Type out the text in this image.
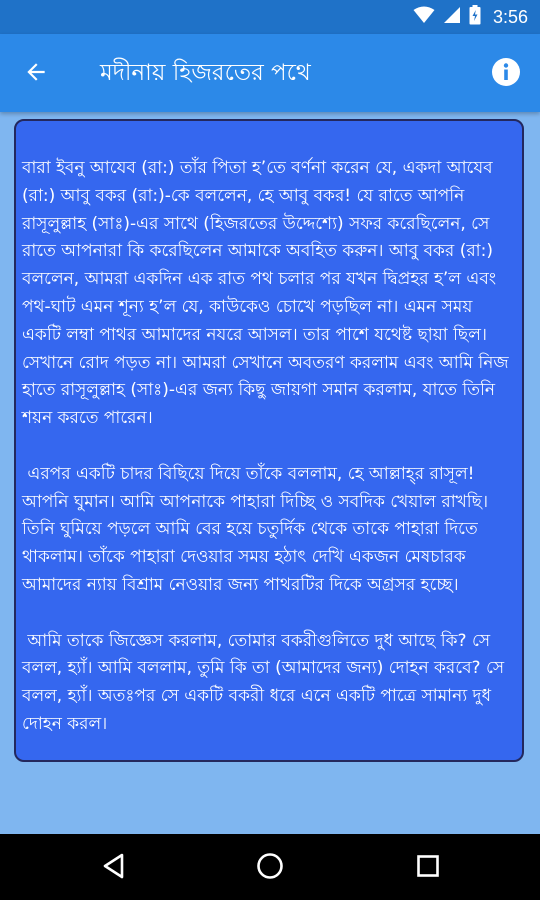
3:56
মদীনায় হিজরতের পথে

বারা ইবনু আযেব (রা:) তাঁর পিতা হ’তে বর্ণনা করেন যে, একদা আযেব (রা:) আবু বকর (রা:)-কে বললেন, হে আবু বকর! যে রাতে আপনি রাসূলুল্লাহ (সাঃ)-এর সাথে (হিজরতের উদ্দেশ্যে) সফর করেছিলেন, সে রাতে আপনারা কি করেছিলেন আমাকে অবহিত করুন। আবু বকর (রা:) বললেন, আমরা একদিন এক রাত পথ চলার পর যখন দ্বিপ্রহর হ’ল এবং পথ-ঘাট এমন শূন্য হ’ল যে, কাউকেও চোখে পড়ছিল না। এমন সময় একটি লম্বা পাথর আমাদের নযরে আসল। তার পাশে যথেষ্ট ছায়া ছিল। সেখানে রোদ পড়ত না। আমরা সেখানে অবতরণ করলাম এবং আমি নিজ হাতে রাসূলুল্লাহ (সাঃ)-এর জন্য কিছু জায়গা সমান করলাম, যাতে তিনি শয়ন করতে পারেন।

এরপর একটি চাদর বিছিয়ে দিয়ে তাঁকে বললাম, হে আল্লাহ্‌র রাসূল! আপনি ঘুমান। আমি আপনাকে পাহারা দিচ্ছি ও সবদিক খেয়াল রাখছি। তিনি ঘুমিয়ে পড়লে আমি বের হয়ে চতুর্দিক থেকে তাকে পাহারা দিতে থাকলাম। তাঁকে পাহারা দেওয়ার সময় হঠাৎ দেখি একজন মেষচারক আমাদের ন্যায় বিশ্রাম নেওয়ার জন্য পাথরটির দিকে অগ্রসর হচ্ছে।

আমি তাকে জিজ্ঞেস করলাম, তোমার বকরীগুলিতে দুধ আছে কি? সে বলল, হ্যাঁ। আমি বললাম, তুমি কি তা (আমাদের জন্য) দোহন করবে? সে বলল, হ্যাঁ। অতঃপর সে একটি বকরী ধরে এনে একটি পাত্রে সামান্য দুধ দোহন করল।
